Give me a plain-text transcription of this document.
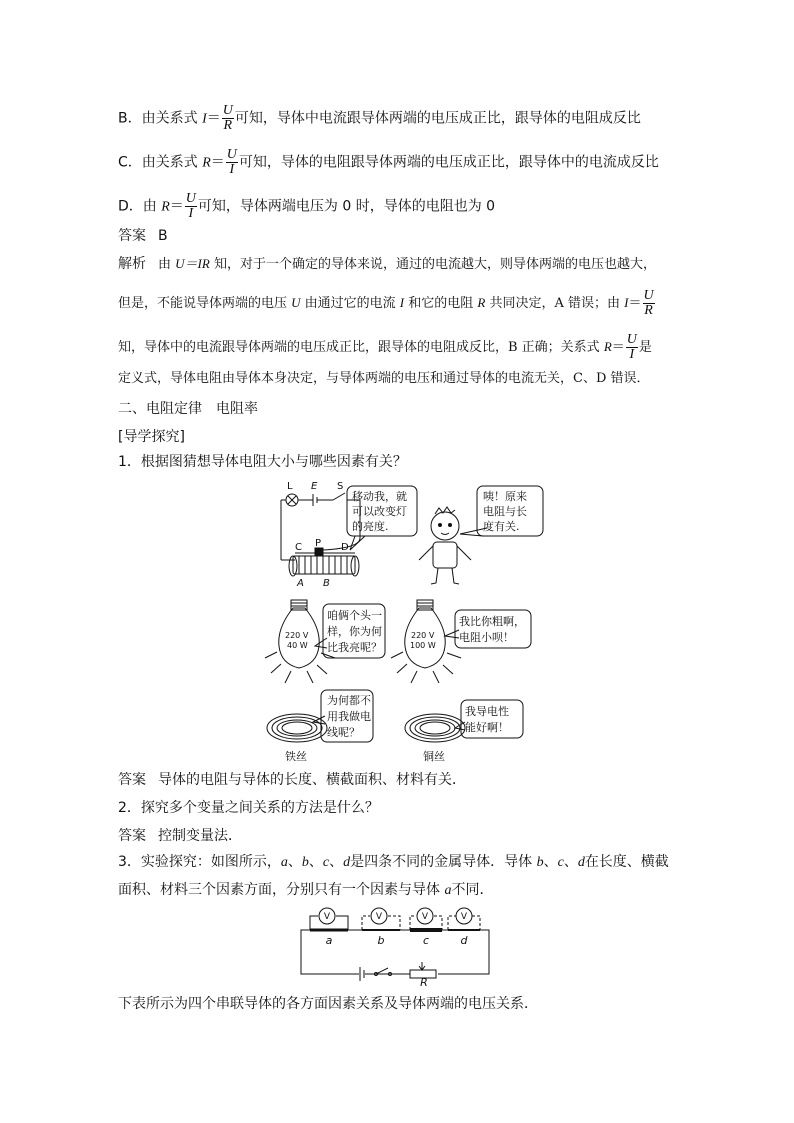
B．由关系式 $I= \frac{U}{R}$ 可知，导体中电流跟导体两端的电压成正比，跟导体的电阻成反比
C．由关系式 $R= \frac{U}{I}$ 可知，导体的电阻跟导体两端的电压成正比，跟导体中的电流成反比
D．由 $R= \frac{U}{I}$ 可知，导体两端电压为 0 时，导体的电阻也为 0
答案 B
解析 由 U＝IR 知，对于一个确定的导体来说，通过的电流越大，则导体两端的电压也越大，
但是，不能说导体两端的电压 U 由通过它的电流 I 和它的电阻 R 共同决定，A 错误；由 $I= \frac{U}{R}$
知，导体中的电流跟导体两端的电压成正比，跟导体的电阻成反比，B 正确；关系式 $R= \frac{U}{I}$ 是
定义式，导体电阻由导体本身决定，与导体两端的电压和通过导体的电流无关，C、D 错误．
二、电阻定律　电阻率
[导学探究]
1．根据图猜想导体电阻大小与哪些因素有关？
L E S
C P D
A B
移动我，就
可以改变灯
的亮度.
咦！原来
电阻与长
度有关.
咱俩个头一
样，你为何
比我亮呢？
我比你粗啊，
电阻小呗！
为何都不
用我做电
线呢？
我导电性
能好啊！
铁丝	铜丝
220 V
40 W
220 V
100 W
答案 导体的电阻与导体的长度、横截面积、材料有关．
2．探究多个变量之间关系的方法是什么？
答案 控制变量法．
3．实验探究：如图所示，a、b、c、d是四条不同的金属导体．导体 b、c、d在长度、横截
面积、材料三个因素方面，分别只有一个因素与导体 a不同．
V	V	V	V
a	b	c	d
R
下表所示为四个串联导体的各方面因素关系及导体两端的电压关系．
